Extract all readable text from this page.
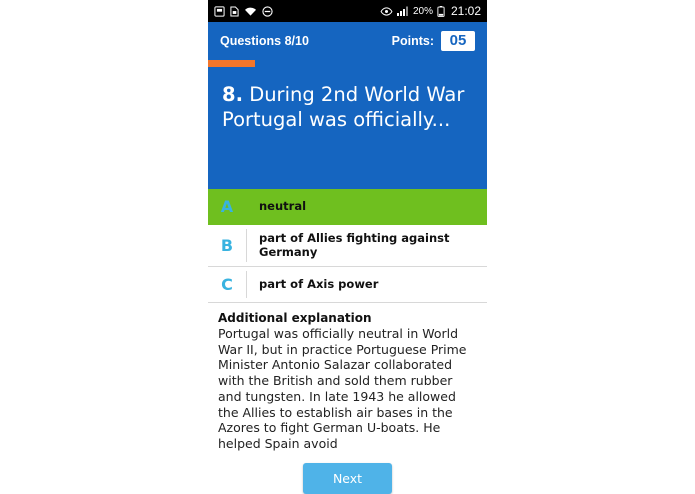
20% 21:02
Questions 8/10	Points:	05
8. During 2nd World War Portugal was officially...
A	neutral
B	part of Allies fighting against Germany
C	part of Axis power
Additional explanation
Portugal was officially neutral in World War II, but in practice Portuguese Prime Minister Antonio Salazar collaborated with the British and sold them rubber and tungsten. In late 1943 he allowed the Allies to establish air bases in the Azores to fight German U-boats. He helped Spain avoid
Next
